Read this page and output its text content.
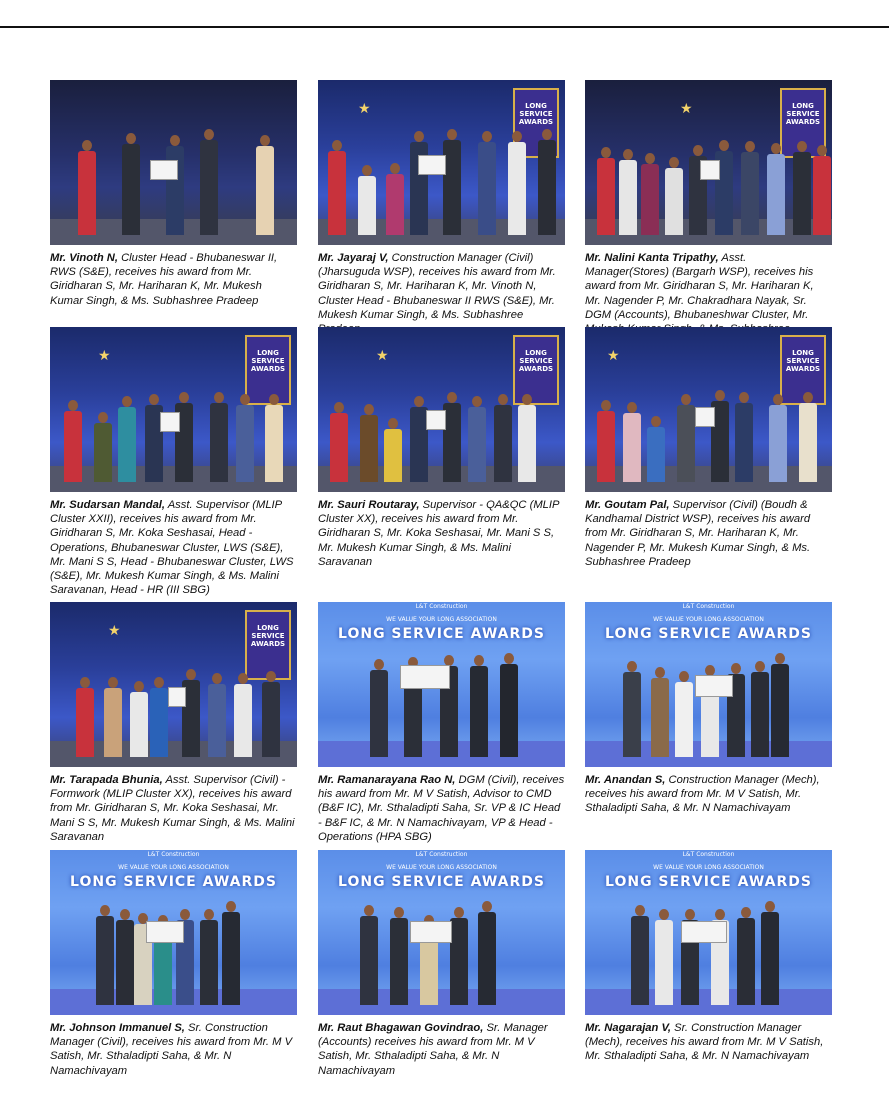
Mr. Vinoth N, Cluster Head - Bhubaneswar II, RWS (S&E), receives his award from Mr. Giridharan S, Mr. Hariharan K, Mr. Mukesh Kumar Singh, & Ms. Subhashree Pradeep
LONG SERVICE AWARDS
★
Mr. Jayaraj V, Construction Manager (Civil) (Jharsuguda WSP), receives his award from Mr. Giridharan S, Mr. Hariharan K, Mr. Vinoth N, Cluster Head - Bhubaneswar II RWS (S&E), Mr. Mukesh Kumar Singh, & Ms. Subhashree
LONG SERVICE AWARDS
★
Mr. Nalini Kanta Tripathy, Asst. Manager(Stores) (Bargarh WSP), receives his award from Mr. Giridharan S, Mr. Hariharan K, Mr. Nagender P, Mr. Chakradhara Nayak, Sr. DGM (Accounts), Bhubaneshwar Cluster, Mr.
LONG SERVICE AWARDS
★
Mr. Sudarsan Mandal, Asst. Supervisor (MLIP Cluster XXII), receives his award from Mr. Giridharan S, Mr. Koka Seshasai, Head - Operations, Bhubaneswar Cluster, LWS (S&E), Mr. Mani S S, Head - Bhubaneswar Cluster, LWS (S&E), Mr. Mukesh Kumar Singh, & Ms. Malini Saravanan, Head - HR (III SBG)
LONG SERVICE AWARDS
★
Mr. Sauri Routaray, Supervisor - QA&QC (MLIP Cluster XX), receives his award from Mr. Giridharan S, Mr. Koka Seshasai, Mr. Mani S S, Mr. Mukesh Kumar Singh, & Ms. Malini Saravanan
LONG SERVICE AWARDS
★
Mr. Goutam Pal, Supervisor (Civil) (Boudh & Kandhamal District WSP), receives his award from Mr. Giridharan S, Mr. Hariharan K, Mr. Nagender P, Mr. Mukesh Kumar Singh, & Ms. Subhashree Pradeep
LONG SERVICE AWARDS
★
Mr. Tarapada Bhunia, Asst. Supervisor (Civil) - Formwork (MLIP Cluster XX), receives his award from Mr. Giridharan S, Mr. Koka Seshasai, Mr. Mani S S, Mr. Mukesh Kumar Singh, & Ms. Malini Saravanan
L&T Construction
WE VALUE YOUR LONG ASSOCIATION
LONG SERVICE AWARDS
Mr. Ramanarayana Rao N, DGM (Civil), receives his award from Mr. M V Satish, Advisor to CMD (B&F IC), Mr. Sthaladipti Saha, Sr. VP & IC Head - B&F IC, & Mr. N Namachivayam, VP & Head - Operations (HPA SBG)
L&T Construction
WE VALUE YOUR LONG ASSOCIATION
LONG SERVICE AWARDS
Mr. Anandan S, Construction Manager (Mech), receives his award from Mr. M V Satish, Mr. Sthaladipti Saha, & Mr. N Namachivayam
L&T Construction
WE VALUE YOUR LONG ASSOCIATION
LONG SERVICE AWARDS
Mr. Johnson Immanuel S, Sr. Construction Manager (Civil), receives his award from Mr. M V Satish, Mr. Sthaladipti Saha, & Mr. N Namachivayam
L&T Construction
WE VALUE YOUR LONG ASSOCIATION
LONG SERVICE AWARDS
Mr. Raut Bhagawan Govindrao, Sr. Manager (Accounts) receives his award from Mr. M V Satish, Mr. Sthaladipti Saha, & Mr. N Namachivayam
L&T Construction
WE VALUE YOUR LONG ASSOCIATION
LONG SERVICE AWARDS
Mr. Nagarajan V, Sr. Construction Manager (Mech), receives his award from Mr. M V Satish, Mr. Sthaladipti Saha, & Mr. N Namachivayam
